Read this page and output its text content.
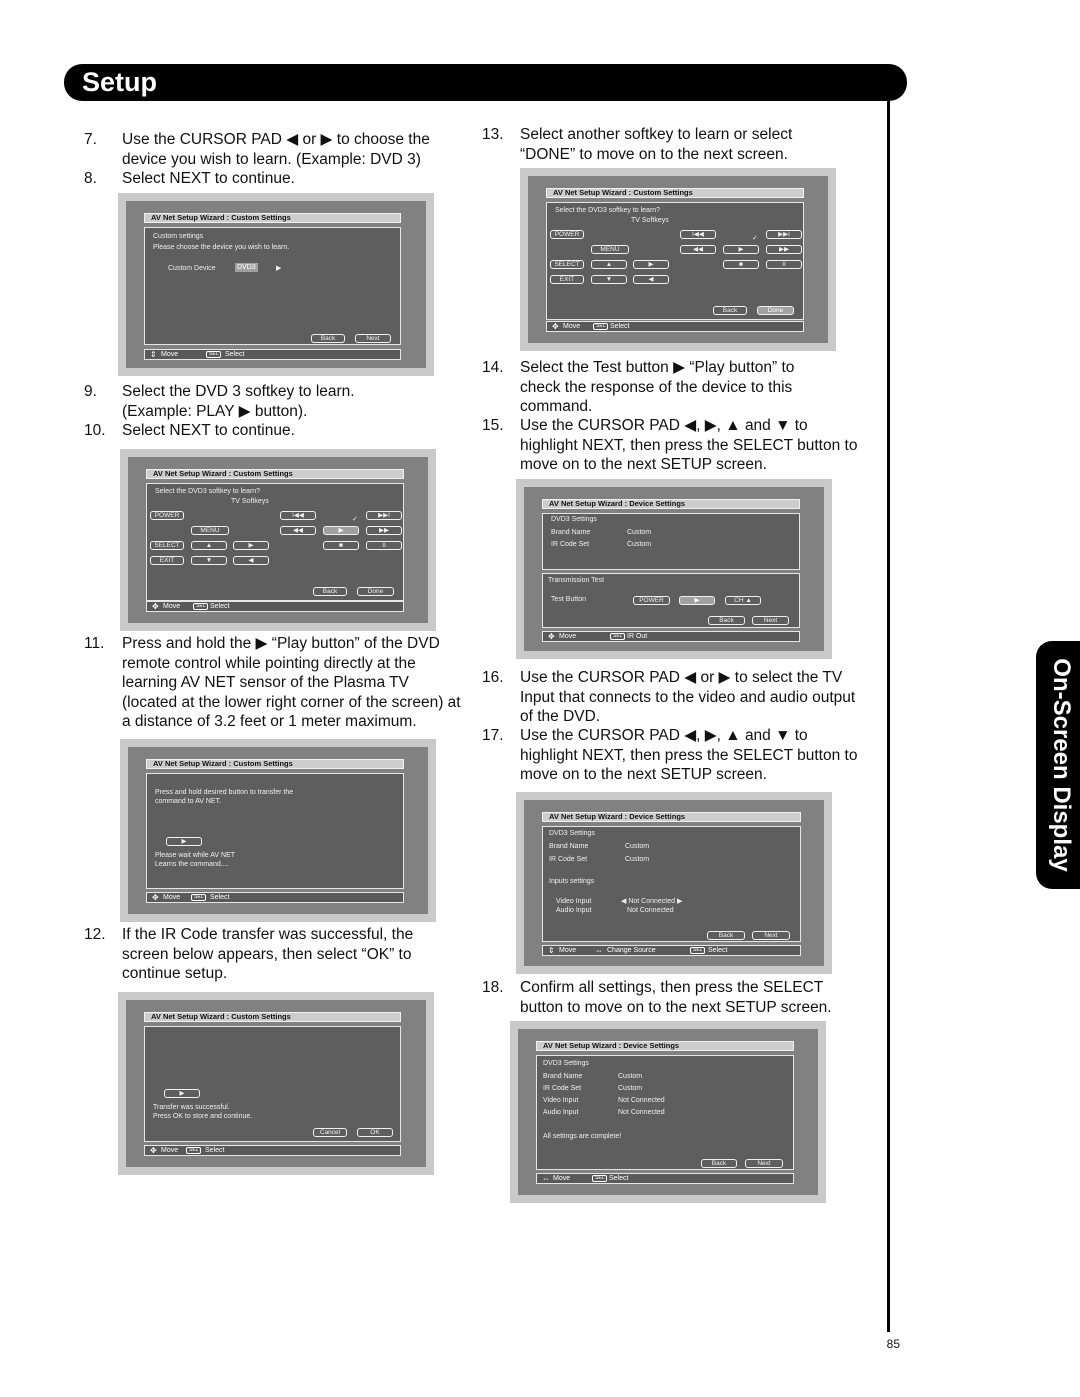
Setup
On-Screen Display
85
7.	Use the CURSOR PAD ◀ or ▶ to choose the device you wish to learn. (Example: DVD 3)
8.	Select NEXT to continue.
9.	Select the DVD 3 softkey to learn. (Example: PLAY ▶ button).
10.	Select NEXT to continue.
11.	Press and hold the ▶ “Play button” of the DVD remote control while pointing directly at the learning AV NET sensor of the Plasma TV (located at the lower right corner of the screen) at a distance of 3.2 feet or 1 meter maximum.
12.	If the IR Code transfer was successful, the screen below appears, then select “OK” to continue setup.
13.	Select another softkey to learn or select “DONE” to move on to the next screen.
14.	Select the Test button ▶ “Play button” to check the response of the device to this command.
15.	Use the CURSOR PAD ◀, ▶, ▲ and ▼ to highlight NEXT, then press the SELECT button to move on to the next SETUP screen.
16.	Use the CURSOR PAD ◀ or ▶ to select the TV Input that connects to the video and audio output of the DVD.
17.	Use the CURSOR PAD ◀, ▶, ▲ and ▼ to highlight NEXT, then press the SELECT button to move on to the next SETUP screen.
18.	Confirm all settings, then press the SELECT button to move on to the next SETUP screen.
AV Net Setup Wizard : Custom Settings
Custom settings
Please choose the device you wish to learn.
Custom Device	DVD3	▶
Back	Next
⇕ Move	SEL Select
AV Net Setup Wizard : Custom Settings
Select the DVD3 softkey to learn?
TV Softkeys
POWER	I◀◀	▶▶I
✓
MENU	◀◀	▶	▶▶
SELECT	▲	▶	■	II
EXIT	▼	◀
Back	Done
✥ Move	SEL Select
AV Net Setup Wizard : Custom Settings
Press and hold desired button to transfer the
command to AV NET.
▶
Please wait while AV NET
Learns the command....
✥ Move	SEL Select
AV Net Setup Wizard : Custom Settings
▶
Transfer was successful.
Press OK to store and continue.
Cancel	OK
✥ Move	SEL Select
AV Net Setup Wizard : Custom Settings
Select the DVD3 softkey to learn?
TV Softkeys
POWER	I◀◀	▶▶I
✓
MENU	◀◀	▶	▶▶
SELECT	▲	▶	■	II
EXIT	▼	◀
Back	Done
✥ Move	SEL Select
AV Net Setup Wizard : Device Settings
DVD3 Settings
Brand Name	Custom
IR Code Set	Custom
Transmission Test
Test Button	POWER	▶	CH ▲
Back	Next
✥ Move	SEL IR Out
AV Net Setup Wizard : Device Settings
DVD3 Settings
Brand Name	Custom
IR Code Set	Custom
Inputs settings
Video Input	◀ Not Connected ▶
Audio Input	Not Connected
Back	Next
⇕ Move ⇔ Change Source	SEL Select
AV Net Setup Wizard : Device Settings
DVD3 Settings
Brand Name	Custom
IR Code Set	Custom
Video Input	Not Connected
Audio Input	Not Connected
All settings are complete!
Back	Next
⇔ Move	SEL Select
